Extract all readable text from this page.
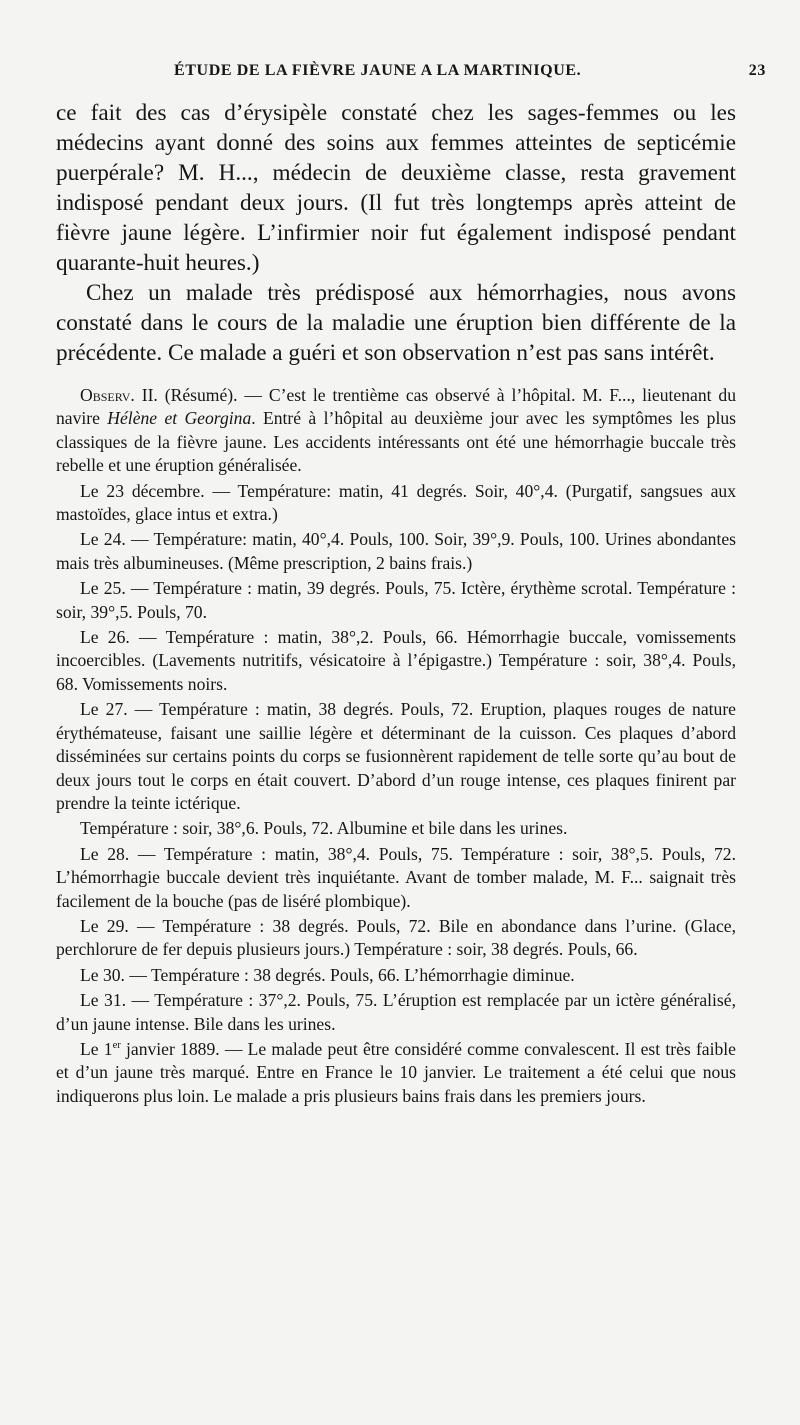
ÉTUDE DE LA FIÈVRE JAUNE A LA MARTINIQUE.	23

ce fait des cas d’érysipèle constaté chez les sages-femmes ou les médecins ayant donné des soins aux femmes atteintes de septicémie puerpérale? M. H..., médecin de deuxième classe, resta gravement indisposé pendant deux jours. (Il fut très longtemps après atteint de fièvre jaune légère. L’infirmier noir fut également indisposé pendant quarante-huit heures.)

Chez un malade très prédisposé aux hémorrhagies, nous avons constaté dans le cours de la maladie une éruption bien différente de la précédente. Ce malade a guéri et son observation n’est pas sans intérêt.

Observ. II. (Résumé). — C’est le trentième cas observé à l’hôpital. M. F..., lieutenant du navire Hélène et Georgina. Entré à l’hôpital au deuxième jour avec les symptômes les plus classiques de la fièvre jaune. Les accidents intéressants ont été une hémorrhagie buccale très rebelle et une éruption généralisée.

Le 23 décembre. — Température: matin, 41 degrés. Soir, 40°,4. (Purgatif, sangsues aux mastoïdes, glace intus et extra.)

Le 24. — Température: matin, 40°,4. Pouls, 100. Soir, 39°,9. Pouls, 100. Urines abondantes mais très albumineuses. (Même prescription, 2 bains frais.)

Le 25. — Température : matin, 39 degrés. Pouls, 75. Ictère, érythème scrotal. Température : soir, 39°,5. Pouls, 70.

Le 26. — Température : matin, 38°,2. Pouls, 66. Hémorrhagie buccale, vomissements incoercibles. (Lavements nutritifs, vésicatoire à l’épigastre.) Température : soir, 38°,4. Pouls, 68. Vomissements noirs.

Le 27. — Température : matin, 38 degrés. Pouls, 72. Eruption, plaques rouges de nature érythémateuse, faisant une saillie légère et déterminant de la cuisson. Ces plaques d’abord disséminées sur certains points du corps se fusionnèrent rapidement de telle sorte qu’au bout de deux jours tout le corps en était couvert. D’abord d’un rouge intense, ces plaques finirent par prendre la teinte ictérique.

Température : soir, 38°,6. Pouls, 72. Albumine et bile dans les urines.

Le 28. — Température : matin, 38°,4. Pouls, 75. Température : soir, 38°,5. Pouls, 72. L’hémorrhagie buccale devient très inquiétante. Avant de tomber malade, M. F... saignait très facilement de la bouche (pas de liséré plombique).

Le 29. — Température : 38 degrés. Pouls, 72. Bile en abondance dans l’urine. (Glace, perchlorure de fer depuis plusieurs jours.) Température : soir, 38 degrés. Pouls, 66.

Le 30. — Température : 38 degrés. Pouls, 66. L’hémorrhagie diminue.

Le 31. — Température : 37°,2. Pouls, 75. L’éruption est remplacée par un ictère généralisé, d’un jaune intense. Bile dans les urines.

Le 1er janvier 1889. — Le malade peut être considéré comme convalescent. Il est très faible et d’un jaune très marqué. Entre en France le 10 janvier. Le traitement a été celui que nous indiquerons plus loin. Le malade a pris plusieurs bains frais dans les premiers jours.
